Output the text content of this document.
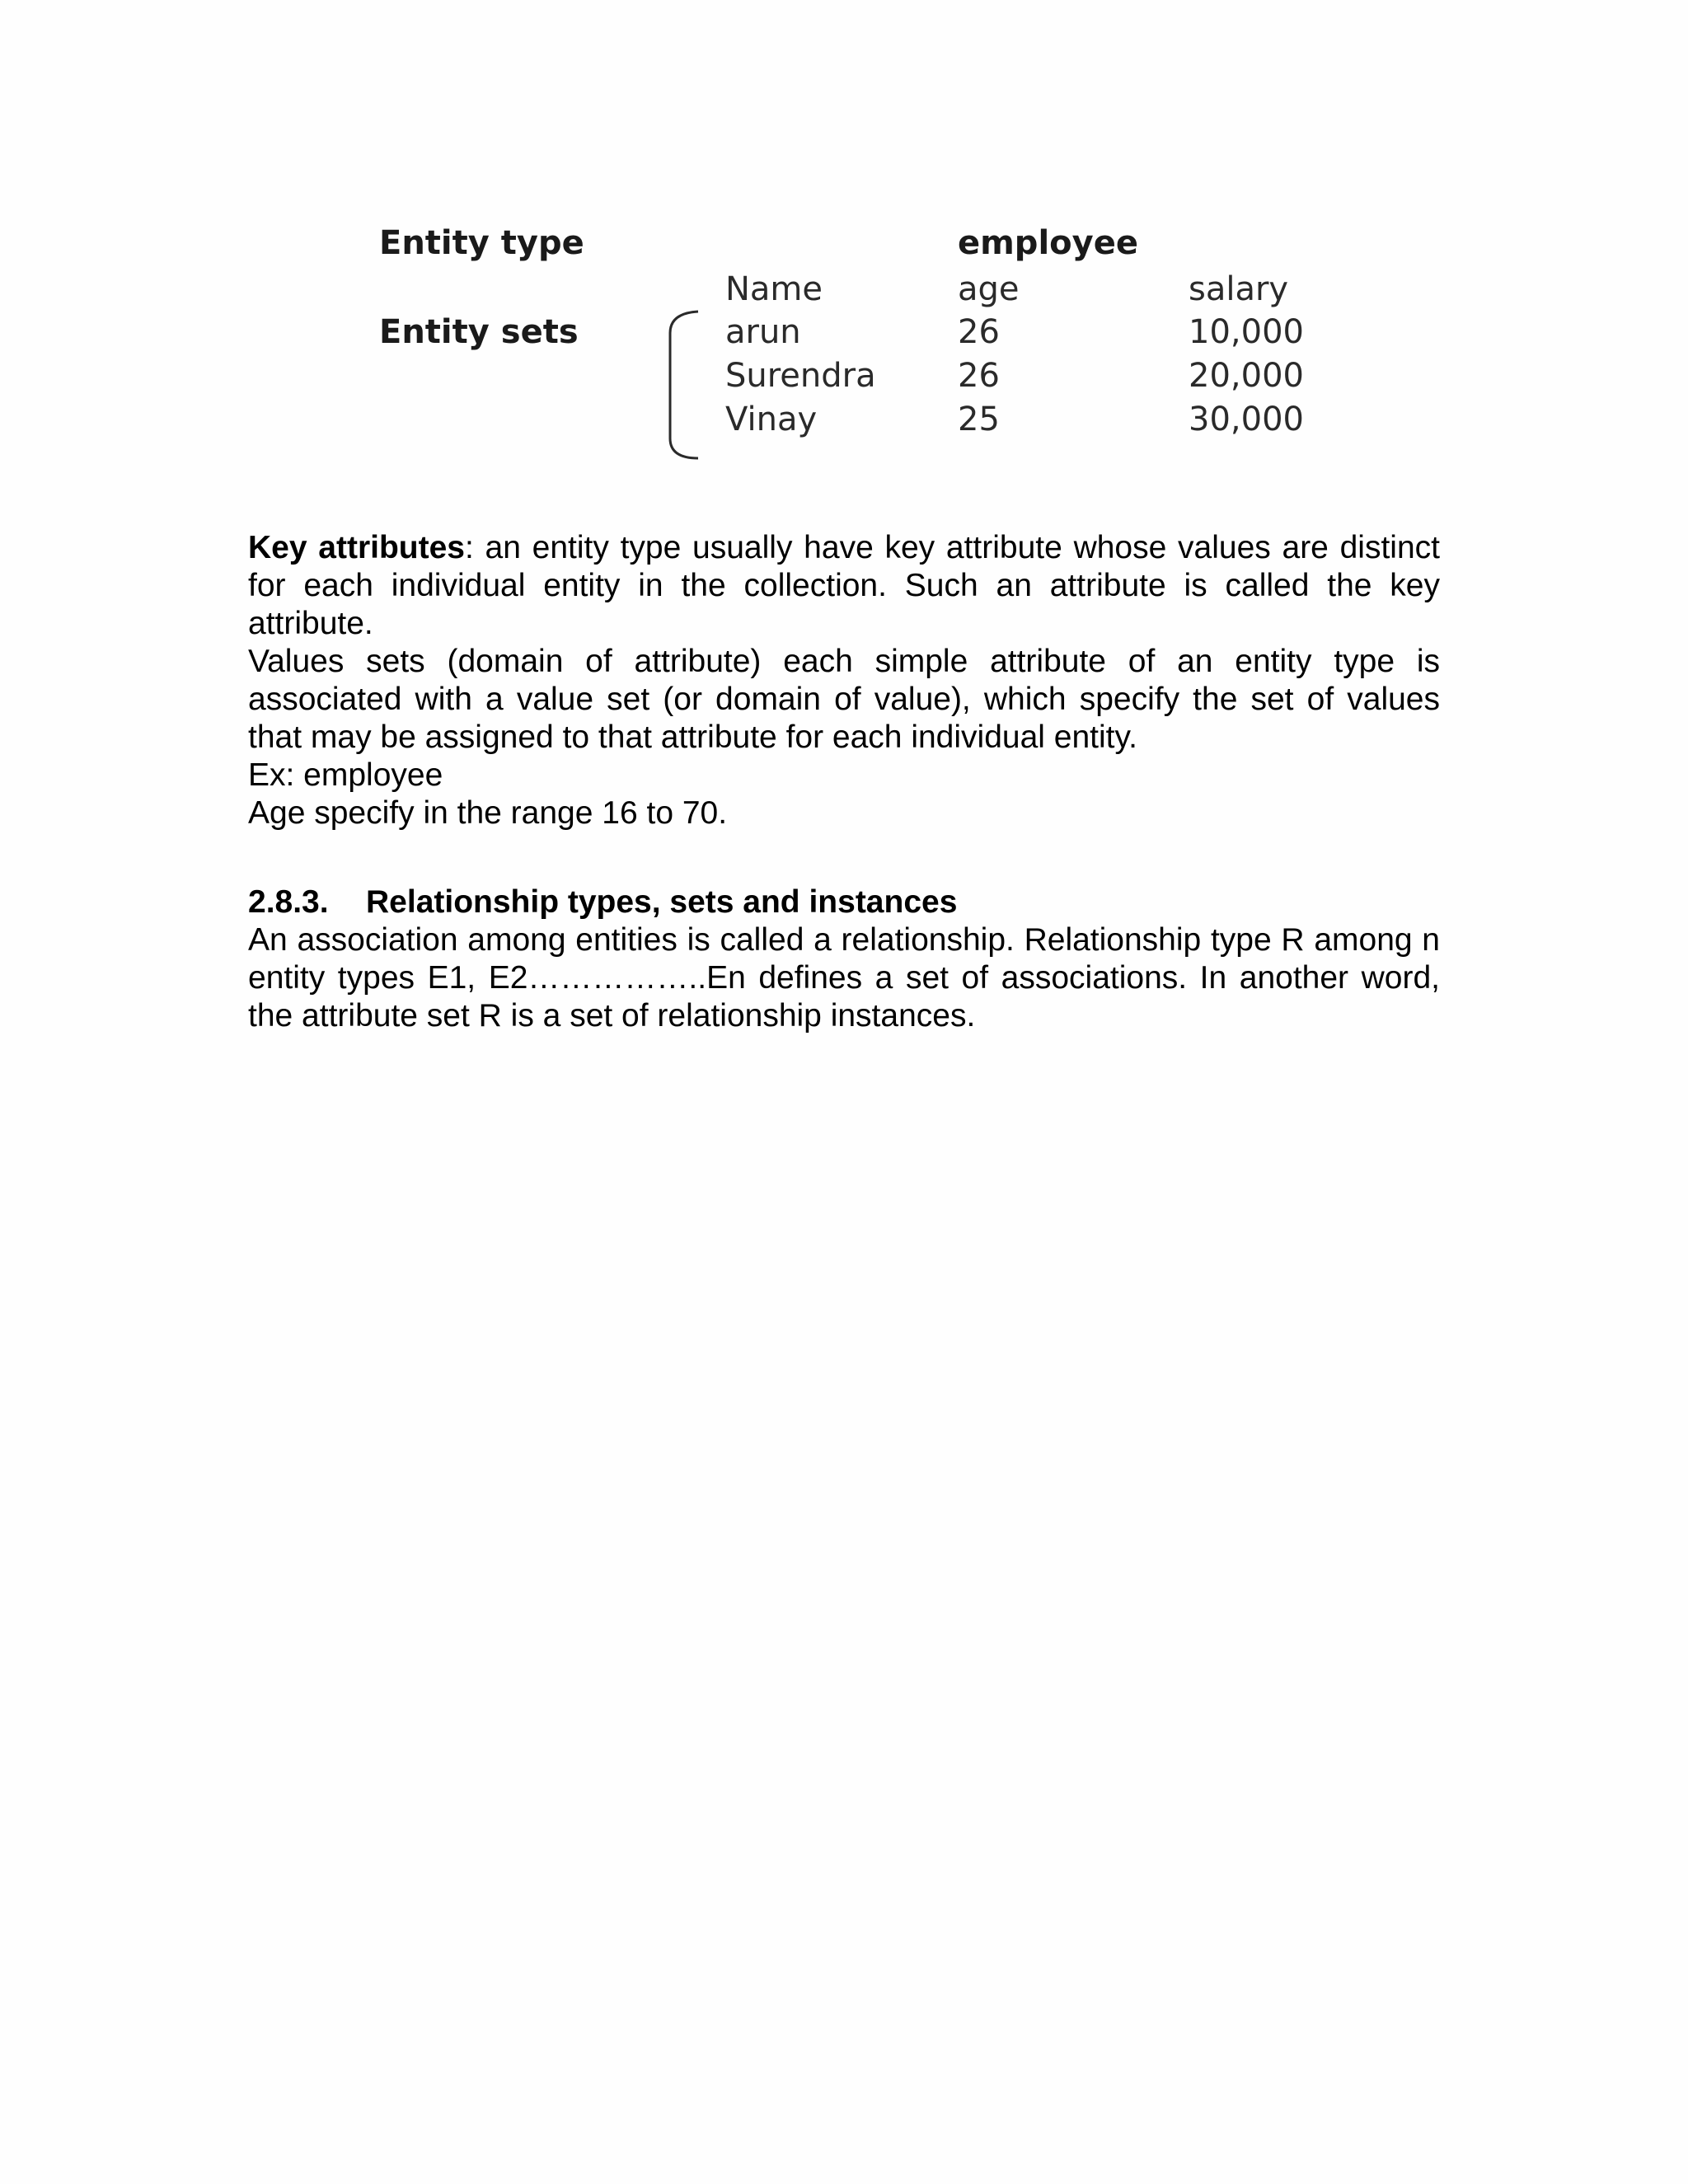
Entity type	employee
Name	age	salary
Entity sets	arun	26	10,000
Surendra 26	20,000
Vinay	25	30,000
Key attributes: an entity type usually have key attribute whose values are distinct for each individual entity in the collection. Such an attribute is called the key attribute.
Values sets (domain of attribute) each simple attribute of an entity type is associated with a value set (or domain of value), which specify the set of values that may be assigned to that attribute for each individual entity.
Ex: employee
Age specify in the range 16 to 70.
2.8.3. Relationship types, sets and instances
An association among entities is called a relationship. Relationship type R among n entity types E1, E2……………..En defines a set of associations. In another word, the attribute set R is a set of relationship instances.
